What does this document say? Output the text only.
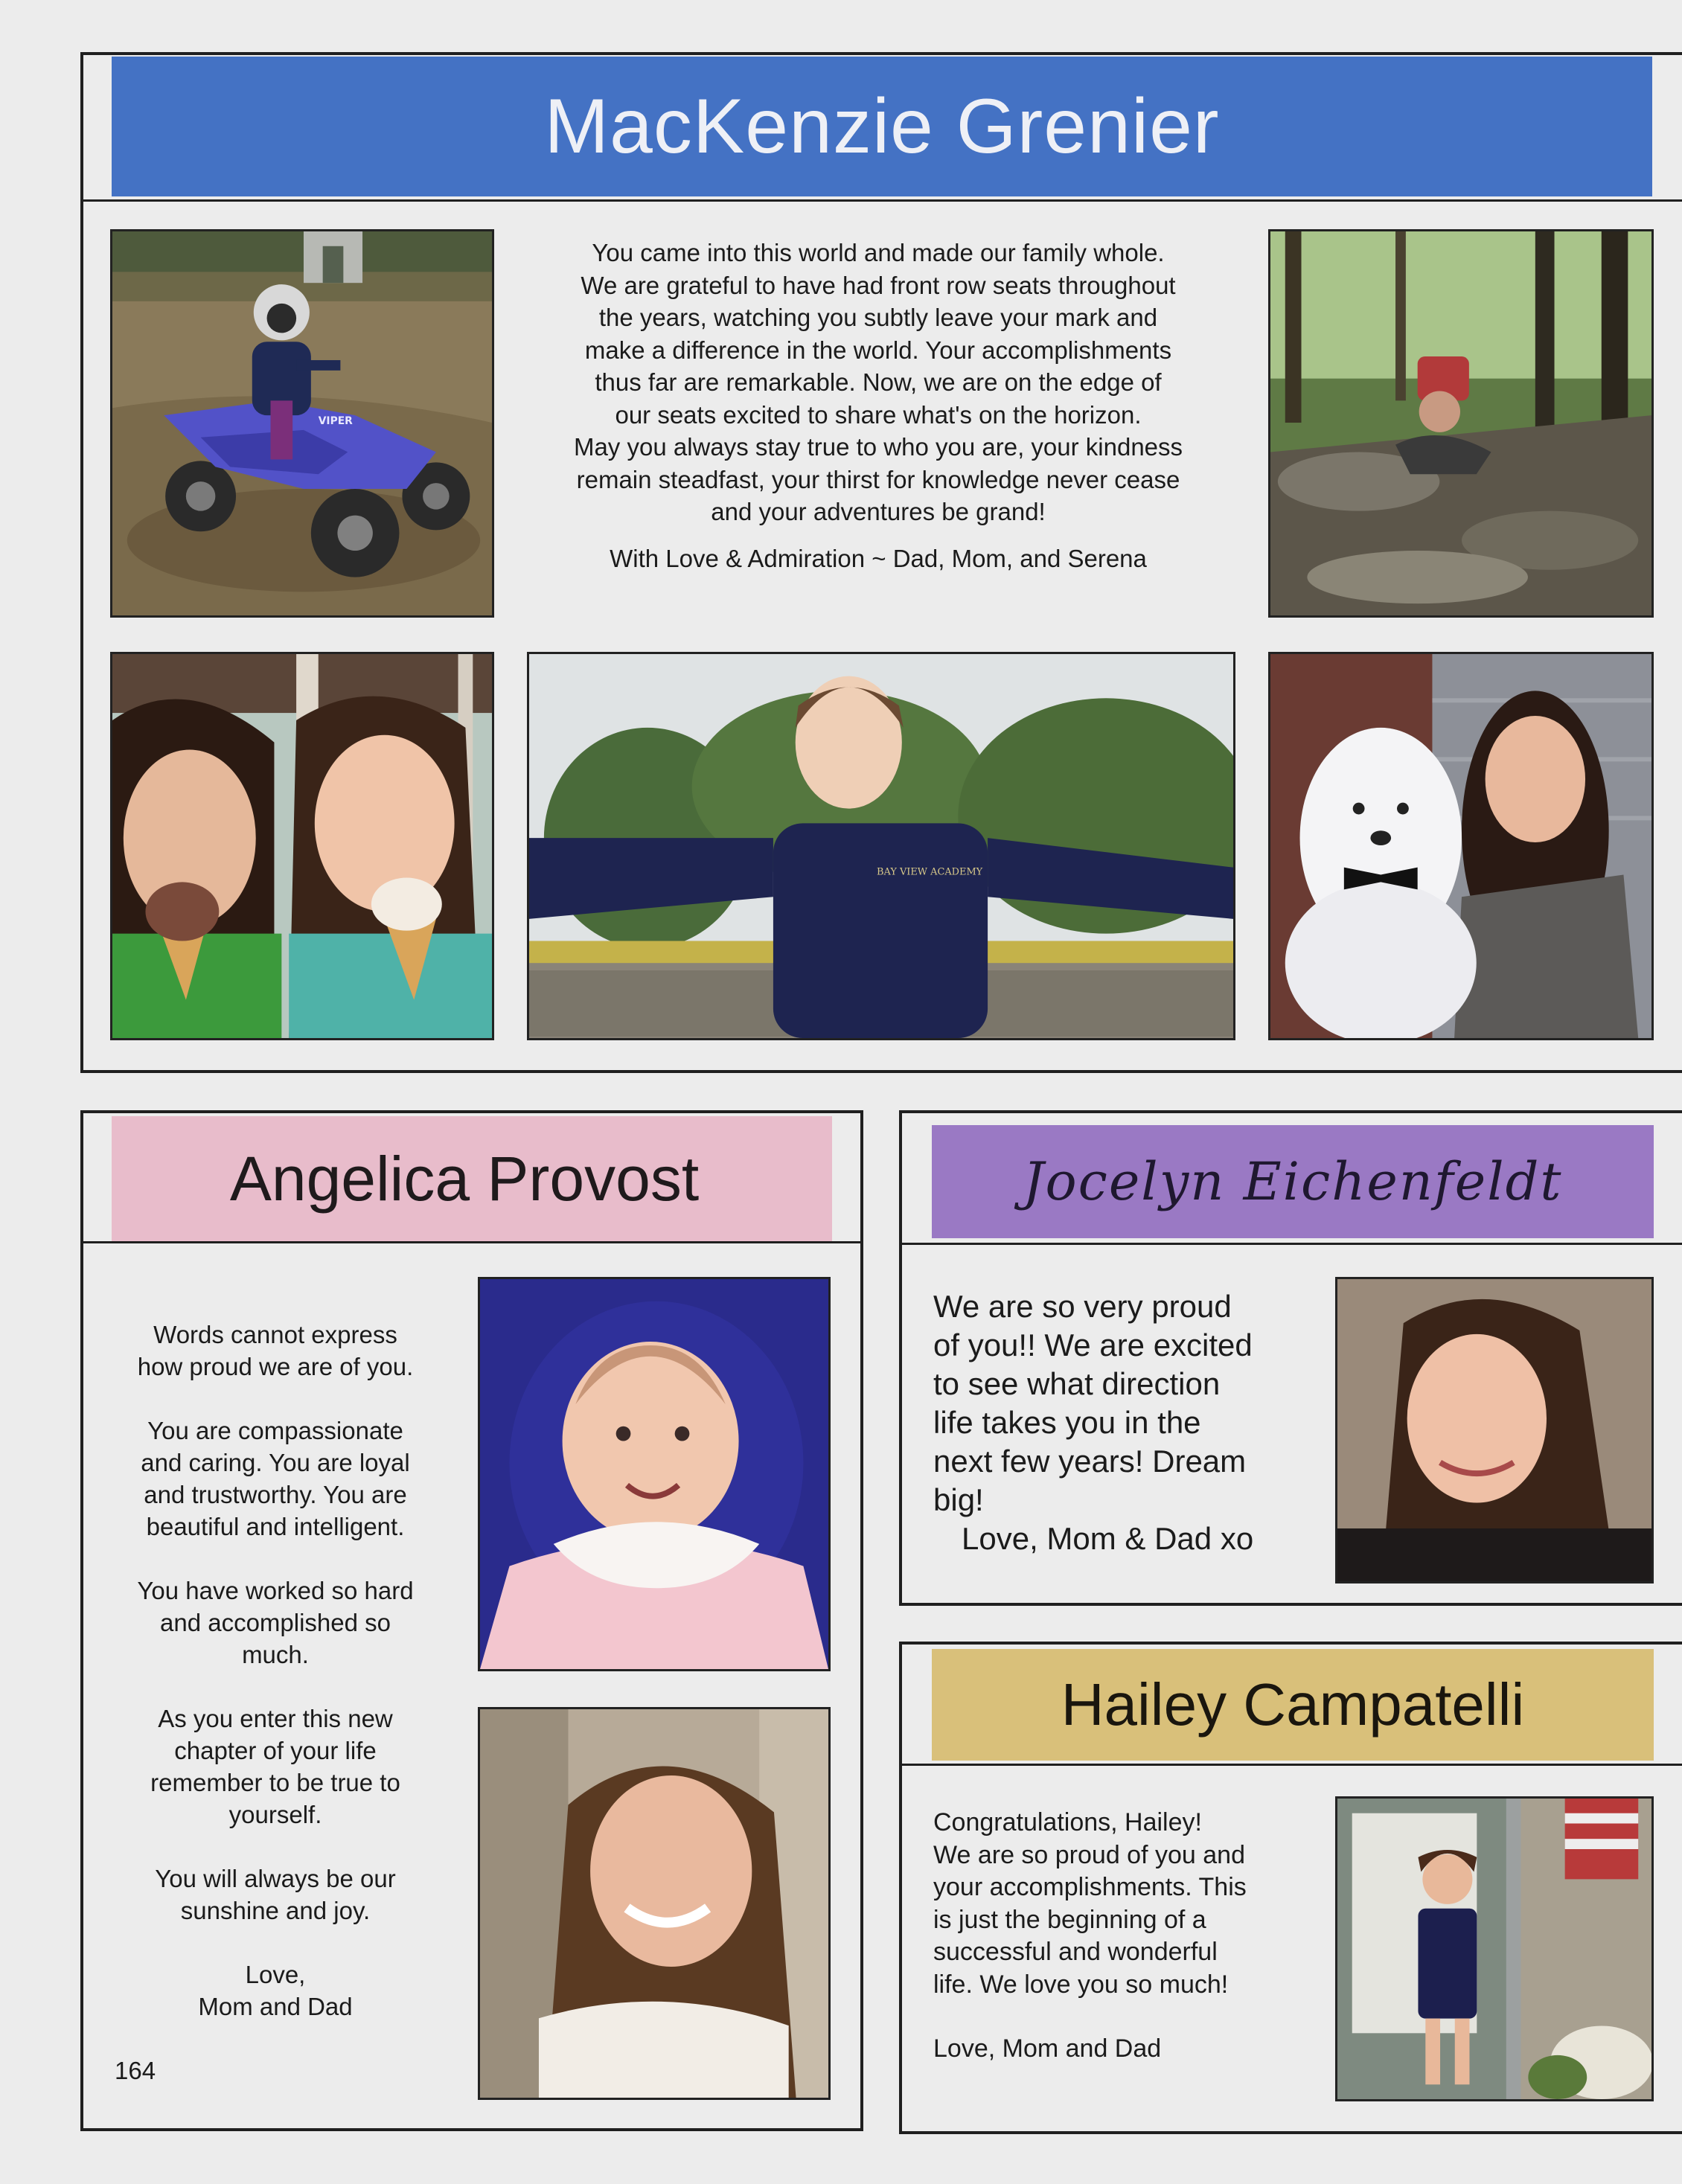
MacKenzie Grenier
VIPER
You came into this world and made our family whole.
We are grateful to have had front row seats throughout
the years, watching you subtly leave your mark and
make a difference in the world. Your accomplishments
thus far are remarkable. Now, we are on the edge of
our seats excited to share what's on the horizon.
May you always stay true to who you are, your kindness
remain steadfast, your thirst for knowledge never cease
and your adventures be grand!
With Love & Admiration ~ Dad, Mom, and Serena
BAY VIEW ACADEMY
Angelica Provost
Words cannot express
how proud we are of you.
You are compassionate
and caring. You are loyal
and trustworthy. You are
beautiful and intelligent.
You have worked so hard
and accomplished so
much.
As you enter this new
chapter of your life
remember to be true to
yourself.
You will always be our
sunshine and joy.
Love,
Mom and Dad
164
Jocelyn Eichenfeldt
We are so very proud
of you!! We are excited
to see what direction
life takes you in the
next few years! Dream
big!
Love, Mom & Dad xo
Hailey Campatelli
Congratulations, Hailey!
We are so proud of you and
your accomplishments. This
is just the beginning of a
successful and wonderful
life. We love you so much!
Love, Mom and Dad
